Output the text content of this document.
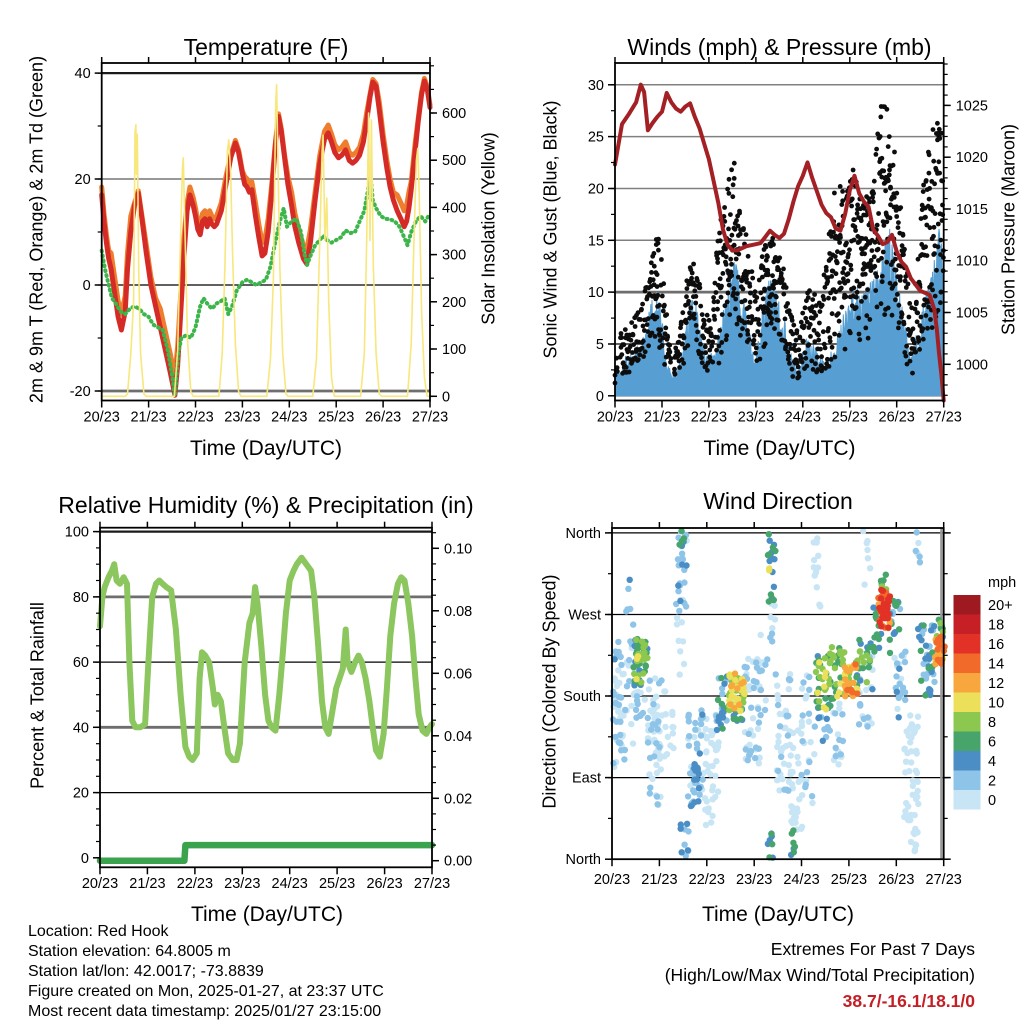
20/23 21/23 22/23 23/23 24/23 25/23 26/23 27/23
-20
0
20
40
0
100
200
300
400
500
600
20/23 21/23 22/23 23/23 24/23 25/23 26/23 27/23
0
5
10
15
20
25
30
1000
1005
1010
1015
1020
1025
20/23 21/23 22/23 23/23 24/23 25/23 26/23 27/23
0
20
40
60
80
100
0.00
0.02
0.04
0.06
0.08
0.10
20/23 21/23 22/23 23/23 24/23 25/23 26/23 27/23
North
West
South
East
North
20+
18
16
14
12
10
8
6
4
2
0
Temperature (F)	Winds (mph) & Pressure (mb)
Relative Humidity (%) & Precipitation (in)	Wind Direction
2m & 9m T (Red, Orange) & 2m Td (Green)	Solar Insolation (Yellow) Sonic Wind & Gust (Blue, Black)	Station Pressure (Maroon)
Percent & Total Rainfall	Direction (Colored By Speed)
Time (Day/UTC)	Time (Day/UTC)
Time (Day/UTC)	Time (Day/UTC)
mph
Location: Red Hook
Station elevation: 64.8005 m
Station lat/lon: 42.0017; -73.8839
Figure created on Mon, 2025-01-27, at 23:37 UTC
Most recent data timestamp: 2025/01/27 23:15:00
Extremes For Past 7 Days
(High/Low/Max Wind/Total Precipitation)
38.7/-16.1/18.1/0
